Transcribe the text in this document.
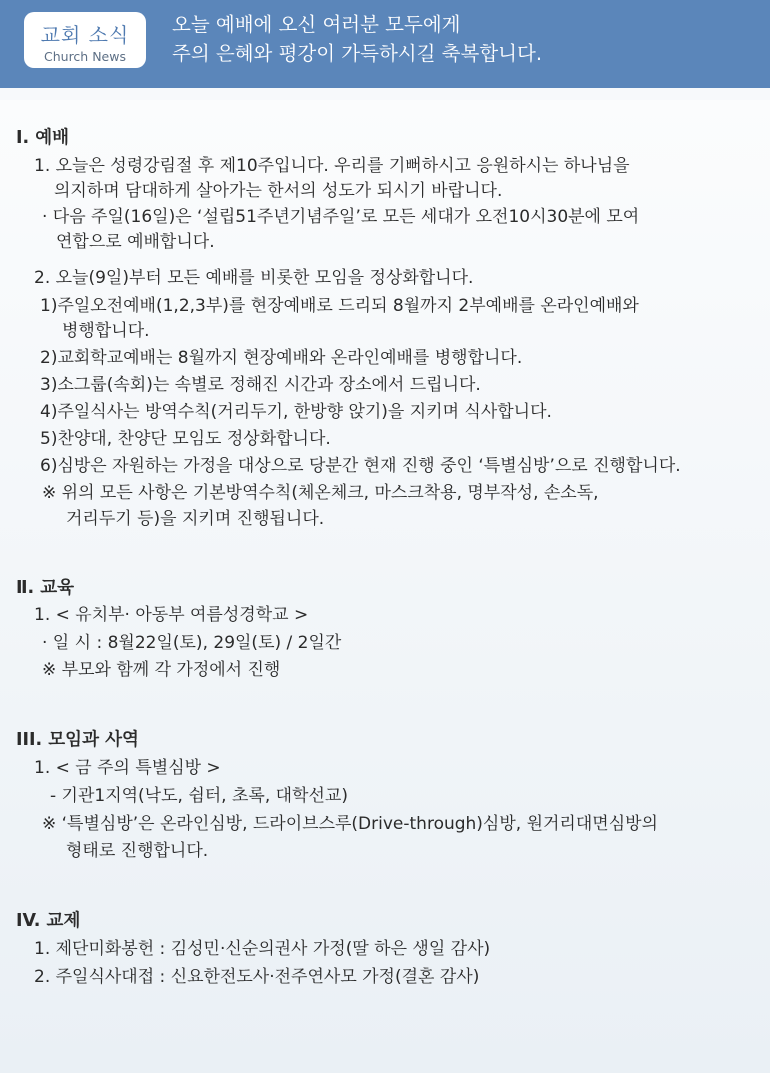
교회 소식
Church News
오늘 예배에 오신 여러분 모두에게
주의 은혜와 평강이 가득하시길 축복합니다.
Ⅰ. 예배
1. 오늘은 성령강림절 후 제10주입니다. 우리를 기뻐하시고 응원하시는 하나님을
의지하며 담대하게 살아가는 한서의 성도가 되시기 바랍니다.
· 다음 주일(16일)은 ‘설립51주년기념주일’로 모든 세대가 오전10시30분에 모여
연합으로 예배합니다.
2. 오늘(9일)부터 모든 예배를 비롯한 모임을 정상화합니다.
1)주일오전예배(1,2,3부)를 현장예배로 드리되 8월까지 2부예배를 온라인예배와
병행합니다.
2)교회학교예배는 8월까지 현장예배와 온라인예배를 병행합니다.
3)소그룹(속회)는 속별로 정해진 시간과 장소에서 드립니다.
4)주일식사는 방역수칙(거리두기, 한방향 앉기)을 지키며 식사합니다.
5)찬양대, 찬양단 모임도 정상화합니다.
6)심방은 자원하는 가정을 대상으로 당분간 현재 진행 중인 ‘특별심방’으로 진행합니다.
※ 위의 모든 사항은 기본방역수칙(체온체크, 마스크착용, 명부작성, 손소독,
거리두기 등)을 지키며 진행됩니다.
Ⅱ. 교육
1. < 유치부· 아동부 여름성경학교 >
· 일 시 : 8월22일(토), 29일(토) / 2일간
※ 부모와 함께 각 가정에서 진행
III. 모임과 사역
1. < 금 주의 특별심방 >
- 기관1지역(낙도, 쉼터, 초록, 대학선교)
※ ‘특별심방’은 온라인심방, 드라이브스루(Drive-through)심방, 원거리대면심방의
형태로 진행합니다.
IV. 교제
1. 제단미화봉헌 : 김성민·신순의권사 가정(딸 하은 생일 감사)
2. 주일식사대접 : 신요한전도사·전주연사모 가정(결혼 감사)
